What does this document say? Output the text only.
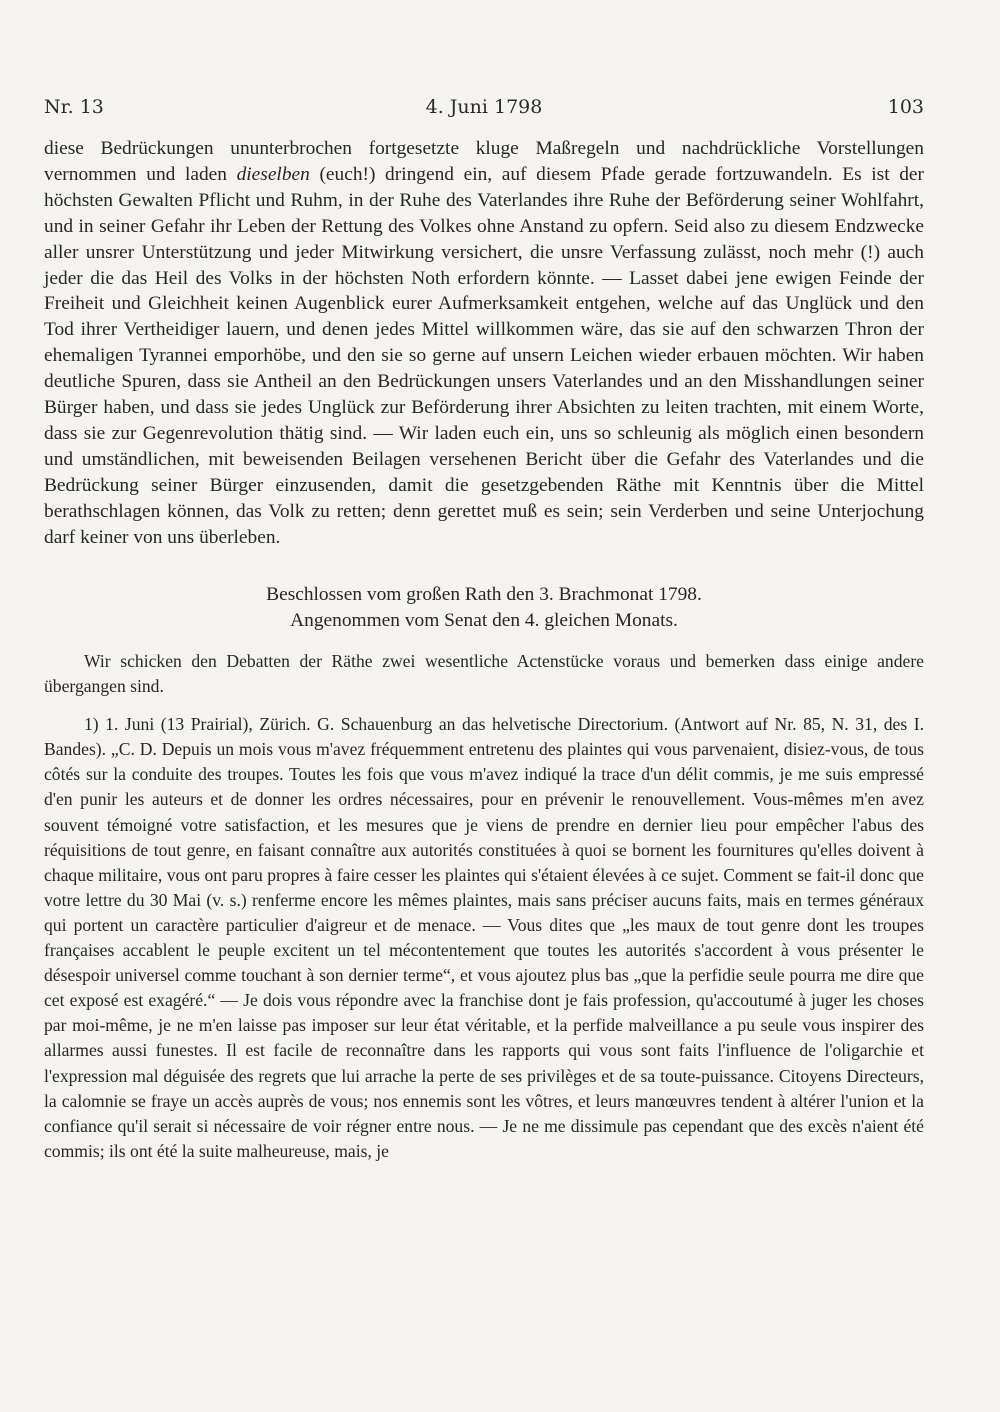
Nr. 13	4. Juni 1798	103

diese Bedrückungen ununterbrochen fortgesetzte kluge Maßregeln und nachdrückliche Vorstellungen vernommen und laden dieselben (euch!) dringend ein, auf diesem Pfade gerade fortzuwandeln. Es ist der höchsten Gewalten Pflicht und Ruhm, in der Ruhe des Vaterlandes ihre Ruhe der Beförderung seiner Wohlfahrt, und in seiner Gefahr ihr Leben der Rettung des Volkes ohne Anstand zu opfern. Seid also zu diesem Endzwecke aller unsrer Unterstützung und jeder Mitwirkung versichert, die unsre Verfassung zulässt, noch mehr (!) auch jeder die das Heil des Volks in der höchsten Noth erfordern könnte. — Lasset dabei jene ewigen Feinde der Freiheit und Gleichheit keinen Augenblick eurer Aufmerksamkeit entgehen, welche auf das Unglück und den Tod ihrer Vertheidiger lauern, und denen jedes Mittel willkommen wäre, das sie auf den schwarzen Thron der ehemaligen Tyrannei emporhöbe, und den sie so gerne auf unsern Leichen wieder erbauen möchten. Wir haben deutliche Spuren, dass sie Antheil an den Bedrückungen unsers Vaterlandes und an den Misshandlungen seiner Bürger haben, und dass sie jedes Unglück zur Beförderung ihrer Absichten zu leiten trachten, mit einem Worte, dass sie zur Gegenrevolution thätig sind. — Wir laden euch ein, uns so schleunig als möglich einen besondern und umständlichen, mit beweisenden Beilagen versehenen Bericht über die Gefahr des Vaterlandes und die Bedrückung seiner Bürger einzusenden, damit die gesetzgebenden Räthe mit Kenntnis über die Mittel berathschlagen können, das Volk zu retten; denn gerettet muß es sein; sein Verderben und seine Unterjochung darf keiner von uns überleben.

Beschlossen vom großen Rath den 3. Brachmonat 1798.
Angenommen vom Senat den 4. gleichen Monats.

Wir schicken den Debatten der Räthe zwei wesentliche Actenstücke voraus und bemerken dass einige andere übergangen sind.

1) 1. Juni (13 Prairial), Zürich. G. Schauenburg an das helvetische Directorium. (Antwort auf Nr. 85, N. 31, des I. Bandes). „C. D. Depuis un mois vous m'avez fréquemment entretenu des plaintes qui vous parvenaient, disiez-vous, de tous côtés sur la conduite des troupes. Toutes les fois que vous m'avez indiqué la trace d'un délit commis, je me suis empressé d'en punir les auteurs et de donner les ordres nécessaires, pour en prévenir le renouvellement. Vous-mêmes m'en avez souvent témoigné votre satisfaction, et les mesures que je viens de prendre en dernier lieu pour empêcher l'abus des réquisitions de tout genre, en faisant connaître aux autorités constituées à quoi se bornent les fournitures qu'elles doivent à chaque militaire, vous ont paru propres à faire cesser les plaintes qui s'étaient élevées à ce sujet. Comment se fait-il donc que votre lettre du 30 Mai (v. s.) renferme encore les mêmes plaintes, mais sans préciser aucuns faits, mais en termes généraux qui portent un caractère particulier d'aigreur et de menace. — Vous dites que „les maux de tout genre dont les troupes françaises accablent le peuple excitent un tel mécontentement que toutes les autorités s'accordent à vous présenter le désespoir universel comme touchant à son dernier terme“, et vous ajoutez plus bas „que la perfidie seule pourra me dire que cet exposé est exagéré.“ — Je dois vous répondre avec la franchise dont je fais profession, qu'accoutumé à juger les choses par moi-même, je ne m'en laisse pas imposer sur leur état véritable, et la perfide malveillance a pu seule vous inspirer des allarmes aussi funestes. Il est facile de reconnaître dans les rapports qui vous sont faits l'influence de l'oligarchie et l'expression mal déguisée des regrets que lui arrache la perte de ses privilèges et de sa toute-puissance. Citoyens Directeurs, la calomnie se fraye un accès auprès de vous; nos ennemis sont les vôtres, et leurs manœuvres tendent à altérer l'union et la confiance qu'il serait si nécessaire de voir régner entre nous. — Je ne me dissimule pas cependant que des excès n'aient été commis; ils ont été la suite malheureuse, mais, je
